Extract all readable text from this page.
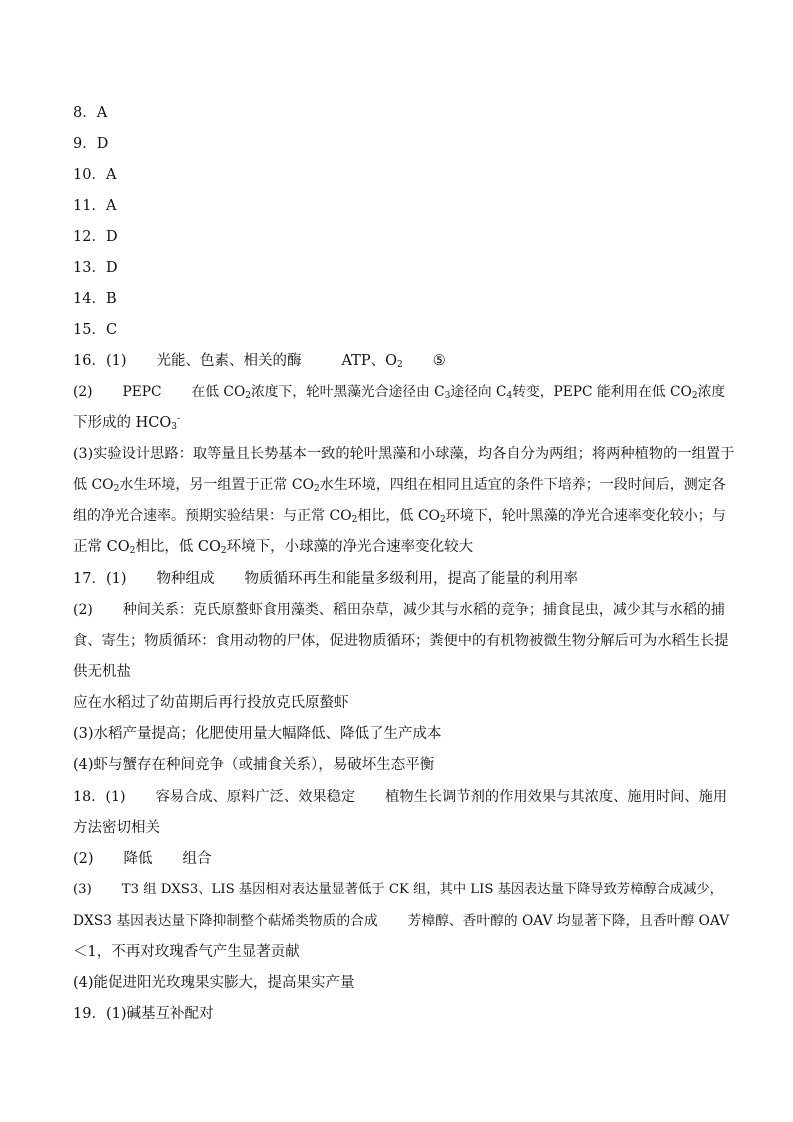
8．A
9．D
10．A
11．A
12．D
13．D
14．B
15．C
16．(1) 光能、色素、相关的酶	ATP、$O_2$ ⑤
(2) PEPC 在低 $CO_2$浓度下，轮叶黑藻光合途径由 $C_3$途径向 $C_4$转变，PEPC 能利用在低 $CO_2$浓度
下形成的 $HCO_3^-$
(3)实验设计思路：取等量且长势基本一致的轮叶黑藻和小球藻，均各自分为两组；将两种植物的一组置于
低 $CO_2$水生环境，另一组置于正常 $CO_2$水生环境，四组在相同且适宜的条件下培养；一段时间后，测定各
组的净光合速率。预期实验结果：与正常 $CO_2$相比，低 $CO_2$环境下，轮叶黑藻的净光合速率变化较小；与
正常 $CO_2$相比，低 $CO_2$环境下，小球藻的净光合速率变化较大
17．(1) 物种组成 物质循环再生和能量多级利用，提高了能量的利用率
(2) 种间关系：克氏原螯虾食用藻类、稻田杂草，减少其与水稻的竞争；捕食昆虫，减少其与水稻的捕
食、寄生；物质循环：食用动物的尸体，促进物质循环；粪便中的有机物被微生物分解后可为水稻生长提
供无机盐
应在水稻过了幼苗期后再行投放克氏原螯虾
(3)水稻产量提高；化肥使用量大幅降低、降低了生产成本
(4)虾与蟹存在种间竞争（或捕食关系），易破坏生态平衡
18．(1) 容易合成、原料广泛、效果稳定 植物生长调节剂的作用效果与其浓度、施用时间、施用
方法密切相关
(2) 降低 组合
(3) T3 组 DXS3、LIS 基因相对表达量显著低于 CK 组，其中 LIS 基因表达量下降导致芳樟醇合成减少，
DXS3 基因表达量下降抑制整个萜烯类物质的合成 芳樟醇、香叶醇的 OAV 均显著下降，且香叶醇 OAV
＜1，不再对玫瑰香气产生显著贡献
(4)能促进阳光玫瑰果实膨大，提高果实产量
19．(1)碱基互补配对
